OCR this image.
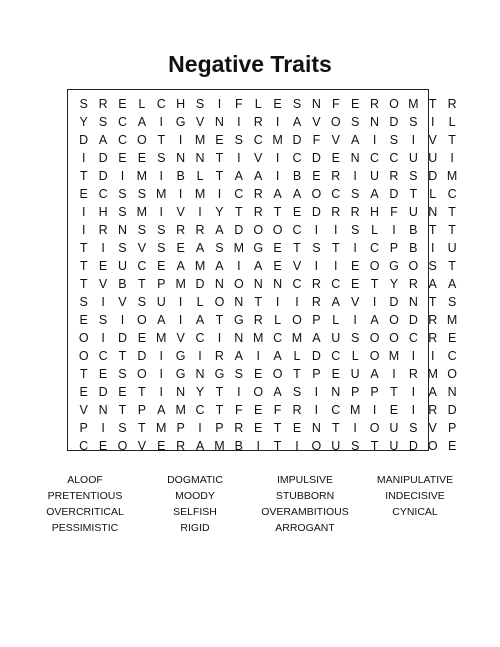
Negative Traits
S R E L C H S	I	F L E S N F E R O M T R
Y S C A	I	G V N	I	R	I	A V O S N D S	I	L
D A C O T	I M E S C M D F V A	I	S	I	V T
I	D E E S N N T	I	V	I	C D E N C C U U	I
T D	I M I	B L T A A	I	B E R	I	U R S D M
E C S S M I M I	C R A A O C S A D T L C
I	H S M I	V	I	Y T R T E D R R H F U N T
I	R N S S R R A D O O C	I	I	S L	I	B T T
T	I	S V S E A S M G E T S T	I	C P B	I	U
T E U C E A M A	I	A E V	I	I	E O G O S T
T V B T P M D N O N N C R C E T Y R A A
S	I	V S U	I	L O N T	I	I	R A V	I	D N T S
E S	I	O A	I	A T G R L O P L	I	A O D R M
O	I	D E M V C	I	N M C M A U S O O C R E
O C T D	I	G	I	R A	I	A L D C L O M I	I	C
T E S O	I	G N G S E O T P E U A	I	R M O
E D E T	I	N Y T	I	O A S	I	N P P T	I	A N
V N T P A M C T F E F R	I	C M I	E	I	R D
P	I	S T M P	I	P R E T E N T	I	O U S V P
C E O V E R A M B	I	T	I	O U S T U D O E
ALOOF	DOGMATIC	IMPULSIVE	MANIPULATIVE
PRETENTIOUS	MOODY	STUBBORN	INDECISIVE
OVERCRITICAL	SELFISH	OVERAMBITIOUS	CYNICAL
PESSIMISTIC	RIGID	ARROGANT
